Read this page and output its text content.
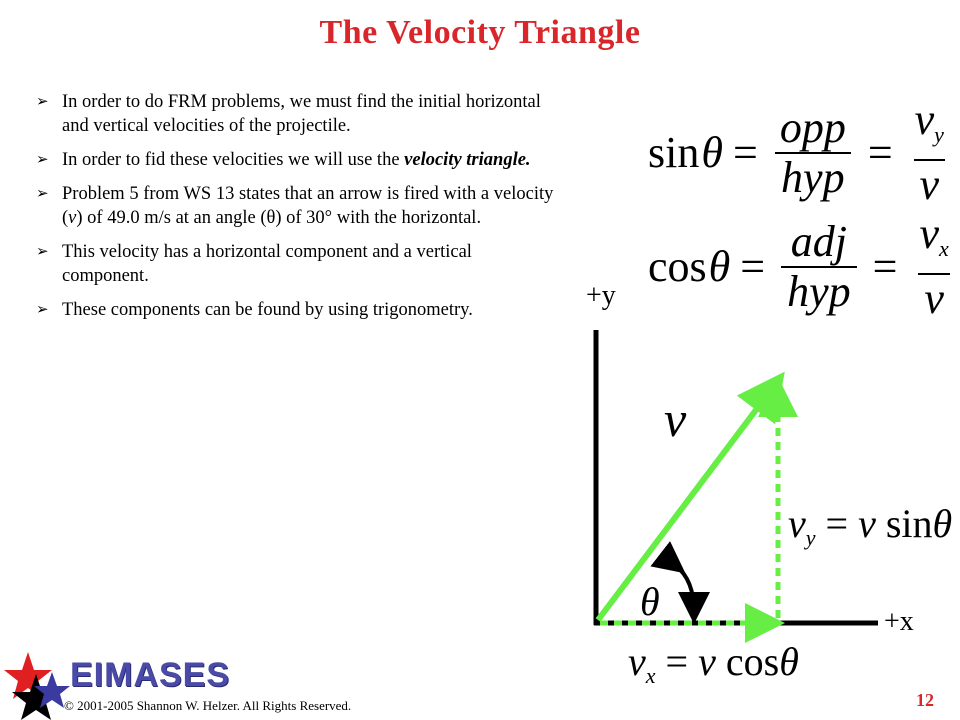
The Velocity Triangle
➢ In order to do FRM problems, we must find the initial horizontal and vertical velocities of the projectile.
➢ In order to fid these velocities we will use the velocity triangle.
➢ Problem 5 from WS 13 states that an arrow is fired with a velocity (v) of 49.0 m/s at an angle (θ) of 30° with the horizontal.
➢ This velocity has a horizontal component and a vertical component.
➢ These components can be found by using trigonometry.
$\sin \theta = \frac{\text{opp}}{\text{hyp}} = \frac{v_y}{v}$
$\cos \theta = \frac{\text{adj}}{\text{hyp}} = \frac{v_x}{v}$
+y
+x
v
θ
$v_y = v$ sinθ
$v_x = v$ cosθ
EIMASES
© 2001-2005 Shannon W. Helzer. All Rights Reserved.	12
